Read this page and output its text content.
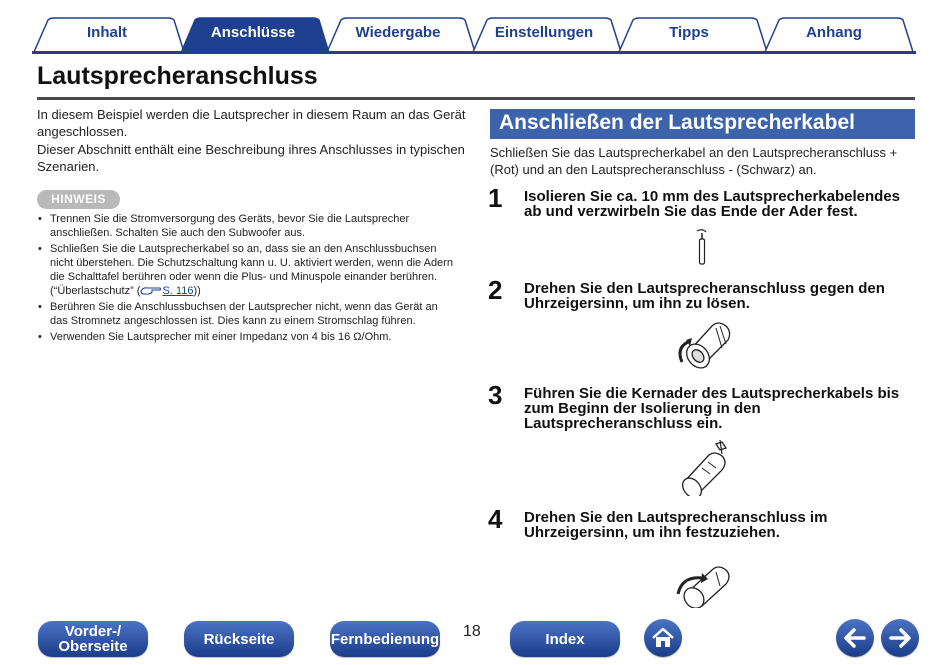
Inhalt	Anschlüsse	Wiedergabe	Einstellungen	Tipps	Anhang
Lautsprecheranschluss

In diesem Beispiel werden die Lautsprecher in diesem Raum an das Gerät angeschlossen.

Dieser Abschnitt enthält eine Beschreibung ihres Anschlusses in typischen Szenarien.

HINWEIS
• Trennen Sie die Stromversorgung des Geräts, bevor Sie die Lautsprecher anschließen. Schalten Sie auch den Subwoofer aus.
• Schließen Sie die Lautsprecherkabel so an, dass sie an den Anschlussbuchsen nicht überstehen. Die Schutzschaltung kann u. U. aktiviert werden, wenn die Adern die Schalttafel berühren oder wenn die Plus- und Minuspole einander berühren. (“Überlastschutz” ( S. 116))
• Berühren Sie die Anschlussbuchsen der Lautsprecher nicht, wenn das Gerät an das Stromnetz angeschlossen ist. Dies kann zu einem Stromschlag führen.
• Verwenden Sie Lautsprecher mit einer Impedanz von 4 bis 16 Ω/Ohm.
Anschließen der Lautsprecherkabel
Schließen Sie das Lautsprecherkabel an den Lautsprecheranschluss + (Rot) und an den Lautsprecheranschluss - (Schwarz) an.
1 Isolieren Sie ca. 10 mm des Lautsprecherkabelendes ab und verzwirbeln Sie das Ende der Ader fest.
2 Drehen Sie den Lautsprecheranschluss gegen den Uhrzeigersinn, um ihn zu lösen.
3 Führen Sie die Kernader des Lautsprecherkabels bis zum Beginn der Isolierung in den Lautsprecheranschluss ein.
4 Drehen Sie den Lautsprecheranschluss im Uhrzeigersinn, um ihn festzuziehen.
Vorder-/
Oberseite	Rückseite	Fernbedienung 18	Index
